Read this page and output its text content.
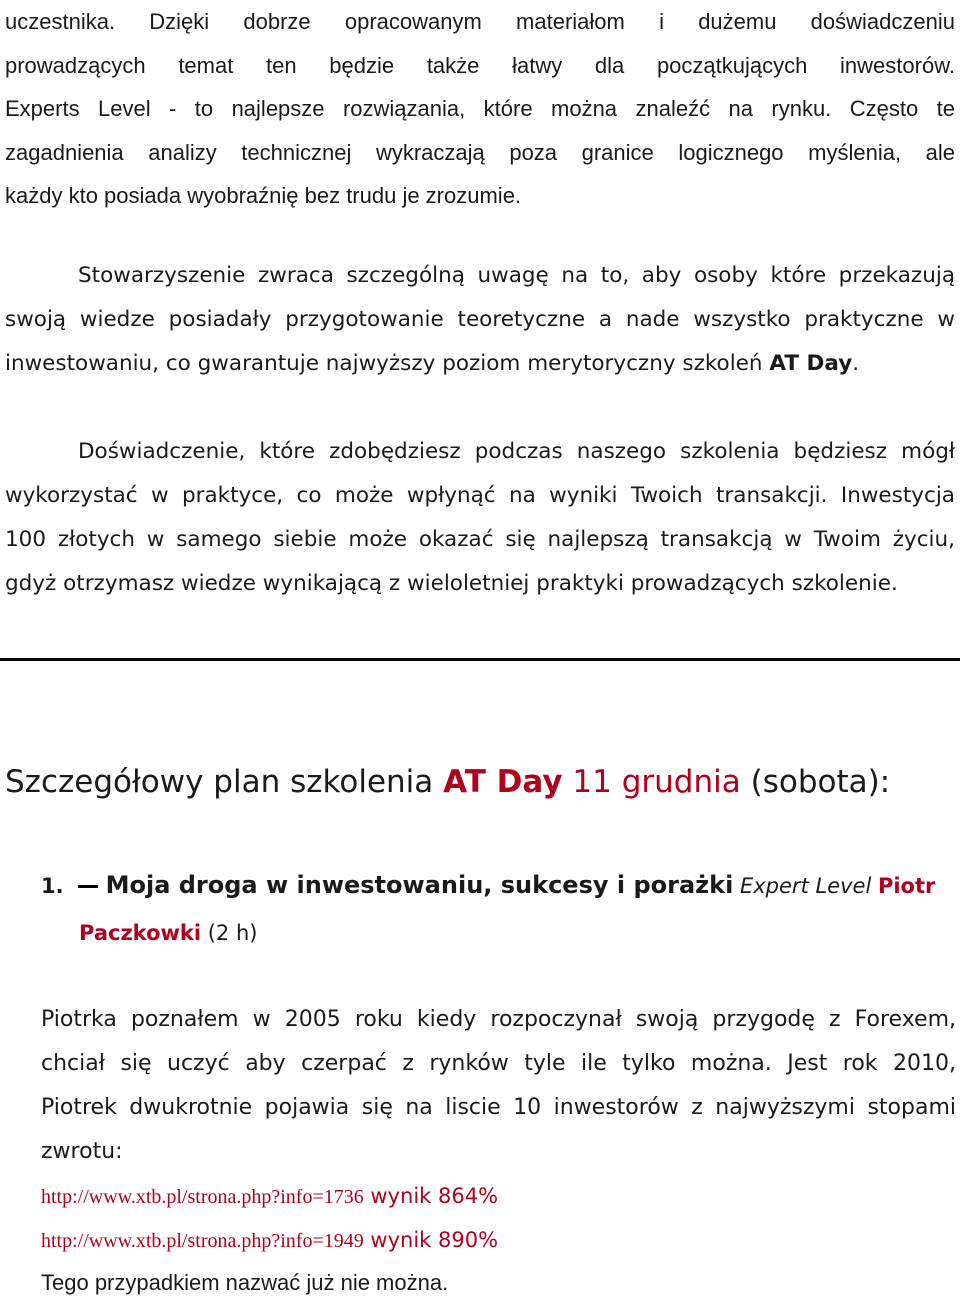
uczestnika. Dzięki dobrze opracowanym materiałom i dużemu doświadczeniu
prowadzących temat ten będzie także łatwy dla początkujących inwestorów.
Experts Level - to najlepsze rozwiązania, które można znaleźć na rynku. Często te
zagadnienia analizy technicznej wykraczają poza granice logicznego myślenia, ale
każdy kto posiada wyobraźnię bez trudu je zrozumie.
Stowarzyszenie zwraca szczególną uwagę na to, aby osoby które przekazują
swoją wiedze posiadały przygotowanie teoretyczne a nade wszystko praktyczne w
inwestowaniu, co gwarantuje najwyższy poziom merytoryczny szkoleń AT Day.
Doświadczenie, które zdobędziesz podczas naszego szkolenia będziesz mógł
wykorzystać w praktyce, co może wpłynąć na wyniki Twoich transakcji. Inwestycja
100 złotych w samego siebie może okazać się najlepszą transakcją w Twoim życiu,
gdyż otrzymasz wiedze wynikającą z wieloletniej praktyki prowadzących szkolenie.
Szczegółowy plan szkolenia AT Day 11 grudnia (sobota):
1. Moja droga w inwestowaniu, sukcesy i porażki Expert Level Piotr
Paczkowki (2 h)
Piotrka poznałem w 2005 roku kiedy rozpoczynał swoją przygodę z Forexem,
chciał się uczyć aby czerpać z rynków tyle ile tylko można. Jest rok 2010,
Piotrek dwukrotnie pojawia się na liscie 10 inwestorów z najwyższymi stopami
zwrotu:
http://www.xtb.pl/strona.php?info=1736 wynik 864%
http://www.xtb.pl/strona.php?info=1949 wynik 890%
Tego przypadkiem nazwać już nie można.
